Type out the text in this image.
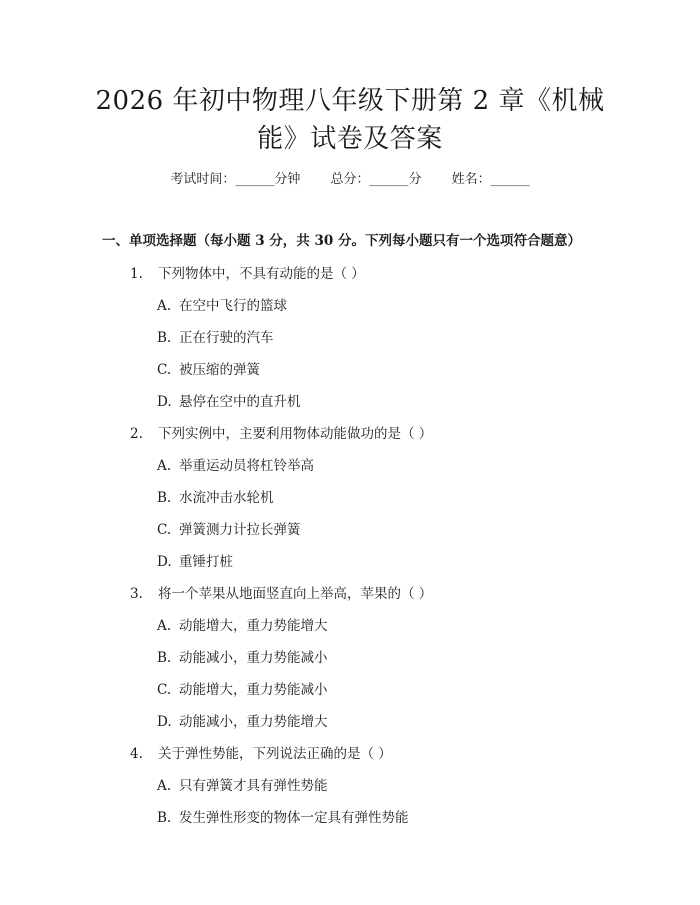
2026 年初中物理八年级下册第 2 章《机械
能》试卷及答案
考试时间：______分钟 总分：______分 姓名：______
一、单项选择题（每小题 3 分，共 30 分。下列每小题只有一个选项符合题意）
1. 下列物体中，不具有动能的是（ ）
A. 在空中飞行的篮球
B. 正在行驶的汽车
C. 被压缩的弹簧
D. 悬停在空中的直升机
2. 下列实例中，主要利用物体动能做功的是（ ）
A. 举重运动员将杠铃举高
B. 水流冲击水轮机
C. 弹簧测力计拉长弹簧
D. 重锤打桩
3. 将一个苹果从地面竖直向上举高，苹果的（ ）
A. 动能增大，重力势能增大
B. 动能减小，重力势能减小
C. 动能增大，重力势能减小
D. 动能减小，重力势能增大
4. 关于弹性势能，下列说法正确的是（ ）
A. 只有弹簧才具有弹性势能
B. 发生弹性形变的物体一定具有弹性势能
